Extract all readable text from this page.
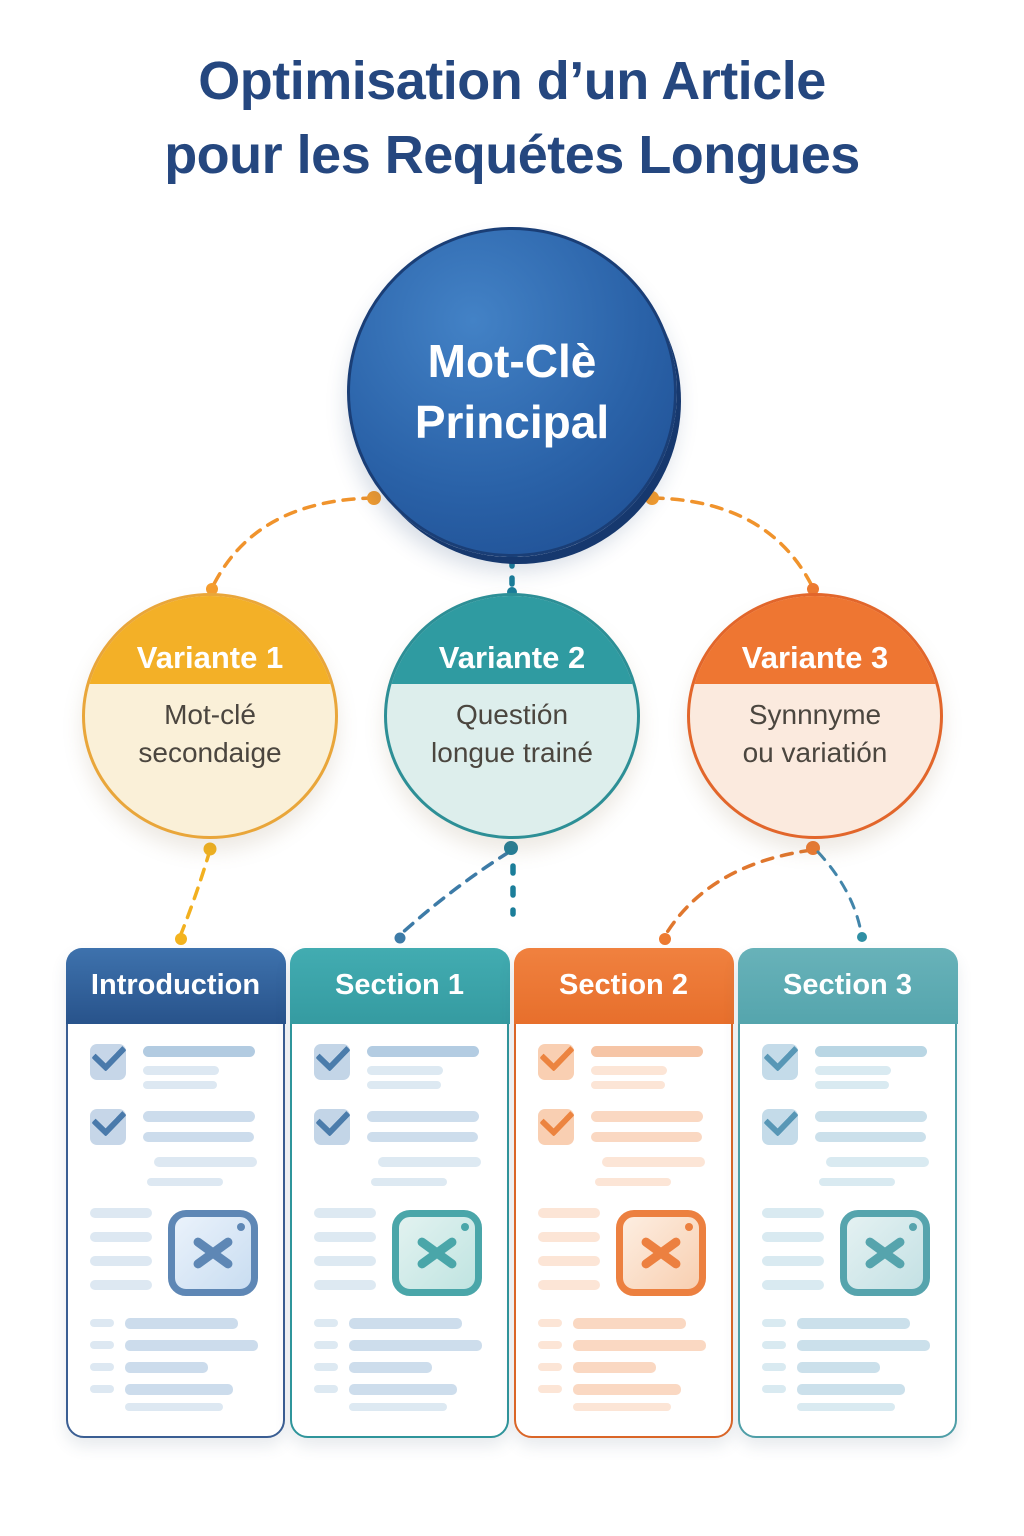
Optimisation d’un Article
pour les Requétes Longues
Mot-Clè
Principal
Variante 1
Mot-clé
secondaige
Variante 2
Questión
longue trainé
Variante 3
Synnnyme
ou variatión
Introduction	Section 1	Section 2	Section 3
